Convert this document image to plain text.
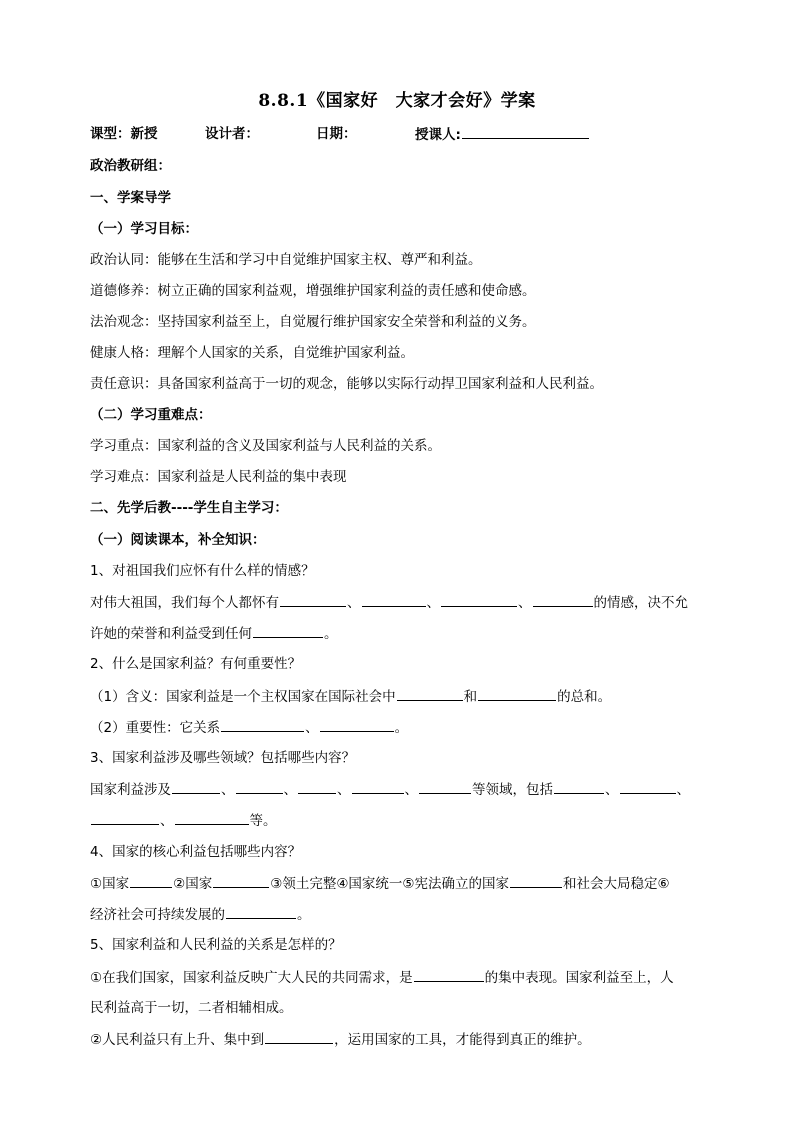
8.8.1《国家好　大家才会好》学案
课型：新授	设计者：	日期：	授课人:
政治教研组：
一、学案导学
（一）学习目标：
政治认同：能够在生活和学习中自觉维护国家主权、尊严和利益。
道德修养：树立正确的国家利益观，增强维护国家利益的责任感和使命感。
法治观念：坚持国家利益至上，自觉履行维护国家安全荣誉和利益的义务。
健康人格：理解个人国家的关系，自觉维护国家利益。
责任意识：具备国家利益高于一切的观念，能够以实际行动捍卫国家利益和人民利益。
（二）学习重难点：
学习重点：国家利益的含义及国家利益与人民利益的关系。
学习难点：国家利益是人民利益的集中表现
二、先学后教----学生自主学习：
（一）阅读课本，补全知识：
1、对祖国我们应怀有什么样的情感？
对伟大祖国，我们每个人都怀有	、	、	、	的情感，决不允
许她的荣誉和利益受到任何	。
2、什么是国家利益？有何重要性？
（1）含义：国家利益是一个主权国家在国际社会中	和	的总和。
（2）重要性：它关系	、	。
3、国家利益涉及哪些领域？包括哪些内容？
国家利益涉及	、	、	、	、	等领域，包括	、	、
、	等。
4、国家的核心利益包括哪些内容？
①国家	②国家	③领土完整④国家统一⑤宪法确立的国家	和社会大局稳定⑥
经济社会可持续发展的	。
5、国家利益和人民利益的关系是怎样的？
①在我们国家，国家利益反映广大人民的共同需求，是	的集中表现。国家利益至上，人
民利益高于一切，二者相辅相成。
②人民利益只有上升、集中到	，运用国家的工具，才能得到真正的维护。
